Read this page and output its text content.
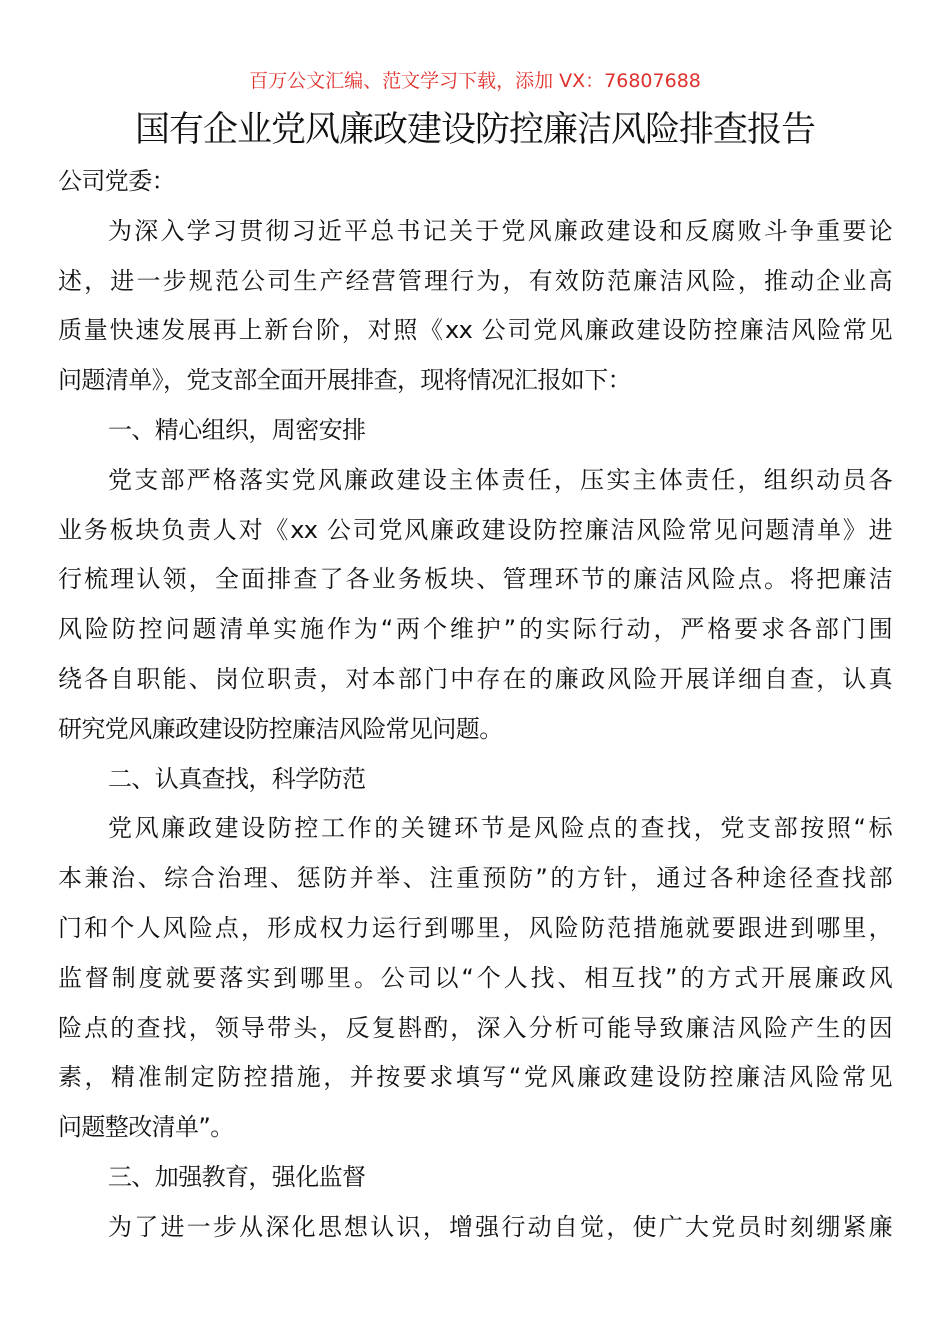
百万公文汇编、范文学习下载，添加 VX：76807688
国有企业党风廉政建设防控廉洁风险排查报告
公司党委：
为深入学习贯彻习近平总书记关于党风廉政建设和反腐败斗争重要论
述，进一步规范公司生产经营管理行为，有效防范廉洁风险，推动企业高
质量快速发展再上新台阶，对照《xx 公司党风廉政建设防控廉洁风险常见
问题清单》，党支部全面开展排查，现将情况汇报如下：
一、精心组织，周密安排
党支部严格落实党风廉政建设主体责任，压实主体责任，组织动员各
业务板块负责人对《xx 公司党风廉政建设防控廉洁风险常见问题清单》进
行梳理认领，全面排查了各业务板块、管理环节的廉洁风险点。将把廉洁
风险防控问题清单实施作为“两个维护”的实际行动，严格要求各部门围
绕各自职能、岗位职责，对本部门中存在的廉政风险开展详细自查，认真
研究党风廉政建设防控廉洁风险常见问题。
二、认真查找，科学防范
党风廉政建设防控工作的关键环节是风险点的查找，党支部按照“标
本兼治、综合治理、惩防并举、注重预防”的方针，通过各种途径查找部
门和个人风险点，形成权力运行到哪里，风险防范措施就要跟进到哪里，
监督制度就要落实到哪里。公司以“个人找、相互找”的方式开展廉政风
险点的查找，领导带头，反复斟酌，深入分析可能导致廉洁风险产生的因
素，精准制定防控措施，并按要求填写“党风廉政建设防控廉洁风险常见
问题整改清单”。
三、加强教育，强化监督
为了进一步从深化思想认识，增强行动自觉，使广大党员时刻绷紧廉
